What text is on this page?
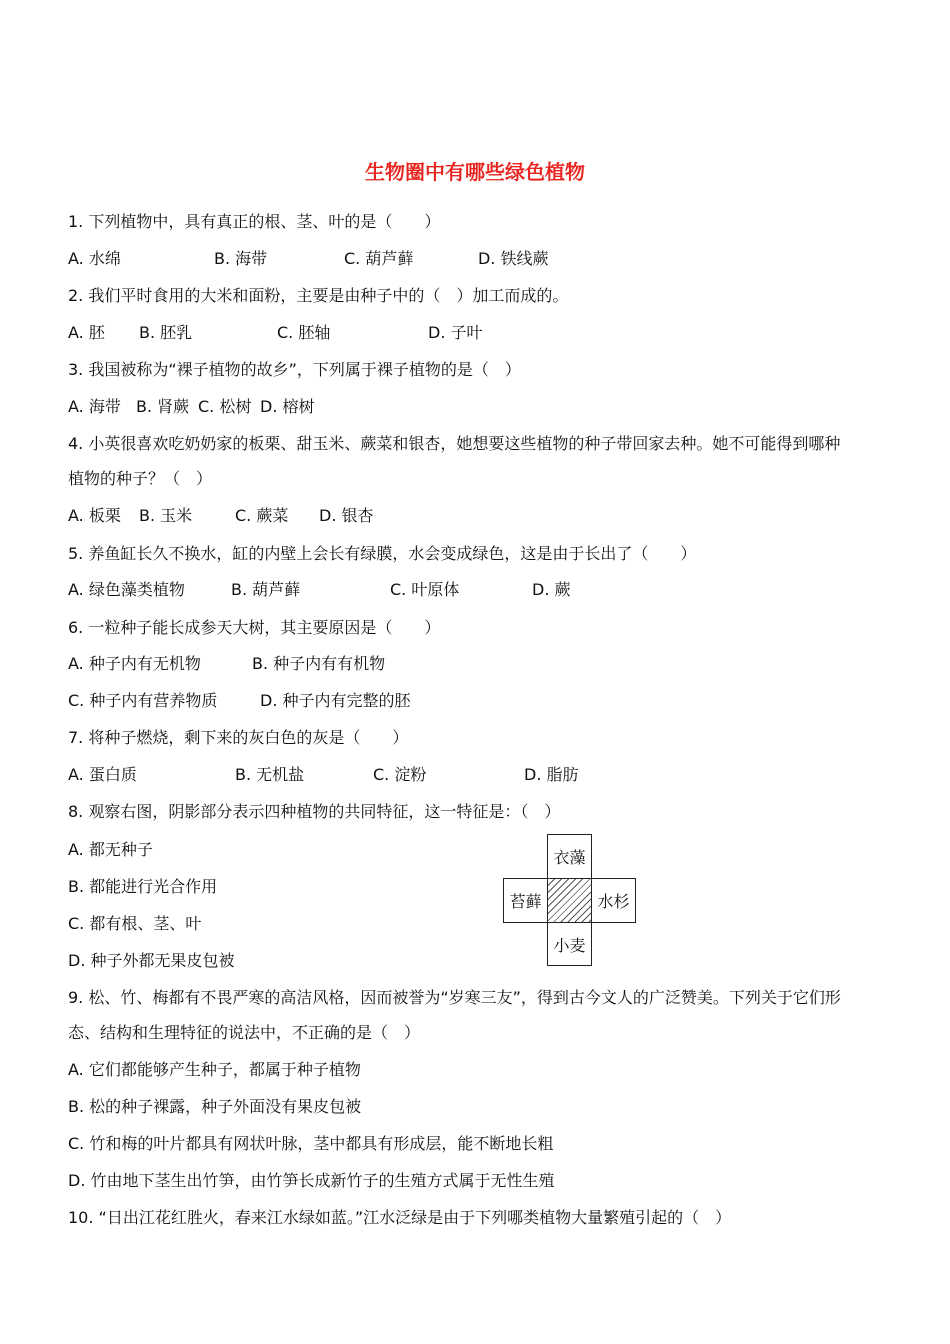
生物圈中有哪些绿色植物
1. 下列植物中，具有真正的根、茎、叶的是（　　）
A. 水绵	B. 海带	C. 葫芦藓	D. 铁线蕨
2. 我们平时食用的大米和面粉，主要是由种子中的（　）加工而成的。
A. 胚 B. 胚乳	C. 胚轴	D. 子叶
3. 我国被称为“裸子植物的故乡”，下列属于裸子植物的是（　）
A. 海带 B. 肾蕨 C. 松树 D. 榕树
4. 小英很喜欢吃奶奶家的板栗、甜玉米、蕨菜和银杏，她想要这些植物的种子带回家去种。她不可能得到哪种
植物的种子？（　）
A. 板栗 B. 玉米	C. 蕨菜 D. 银杏
5. 养鱼缸长久不换水，缸的内壁上会长有绿膜，水会变成绿色，这是由于长出了（　　）
A. 绿色藻类植物	B. 葫芦藓	C. 叶原体	D. 蕨
6. 一粒种子能长成参天大树，其主要原因是（　　）
A. 种子内有无机物	B. 种子内有有机物
C. 种子内有营养物质	D. 种子内有完整的胚
7. 将种子燃烧，剩下来的灰白色的灰是（　　）
A. 蛋白质	B. 无机盐	C. 淀粉	D. 脂肪
8. 观察右图，阴影部分表示四种植物的共同特征，这一特征是：（　）
A. 都无种子
B. 都能进行光合作用
C. 都有根、茎、叶
D. 种子外都无果皮包被
衣藻
苔藓	水杉
小麦
9. 松、竹、梅都有不畏严寒的高洁风格，因而被誉为“岁寒三友”，得到古今文人的广泛赞美。下列关于它们形
态、结构和生理特征的说法中，不正确的是（　）
A. 它们都能够产生种子，都属于种子植物
B. 松的种子裸露，种子外面没有果皮包被
C. 竹和梅的叶片都具有网状叶脉，茎中都具有形成层，能不断地长粗
D. 竹由地下茎生出竹笋，由竹笋长成新竹子的生殖方式属于无性生殖
10. “日出江花红胜火，春来江水绿如蓝。”江水泛绿是由于下列哪类植物大量繁殖引起的（　）
